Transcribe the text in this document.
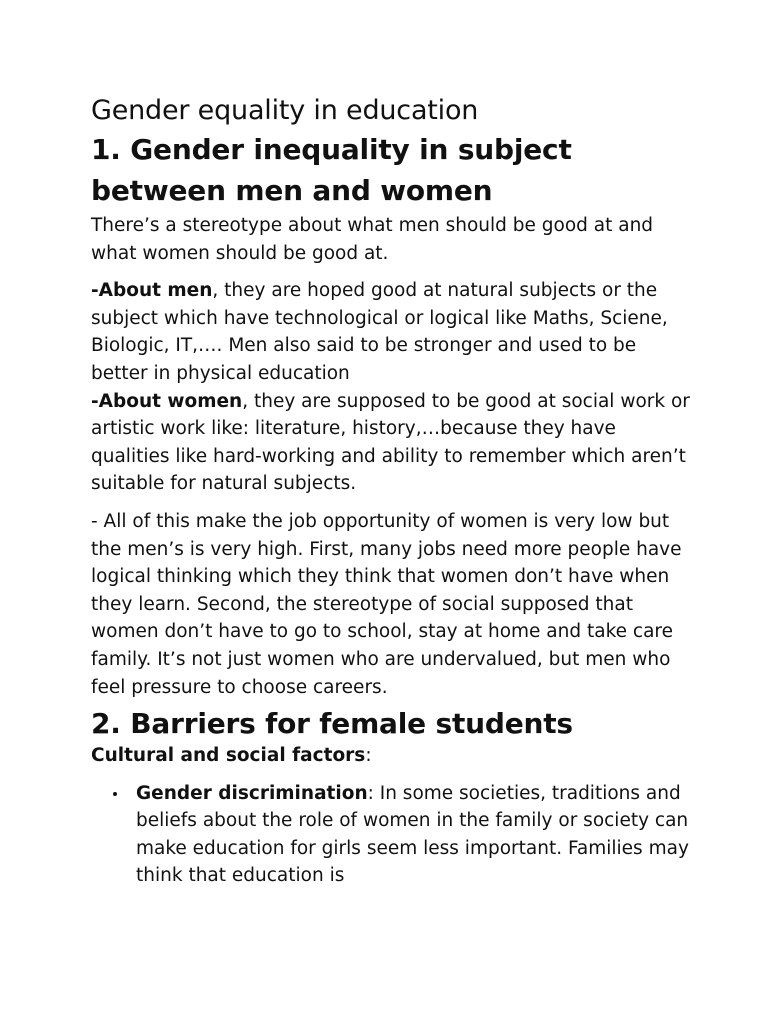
Gender equality in education
1. Gender inequality in subject between men and women

There’s a stereotype about what men should be good at and what women should be good at.

-About men, they are hoped good at natural subjects or the subject which have technological or logical like Maths, Sciene, Biologic, IT,…. Men also said to be stronger and used to be better in physical education

-About women, they are supposed to be good at social work or artistic work like: literature, history,…because they have qualities like hard-working and ability to remember which aren’t suitable for natural subjects.

- All of this make the job opportunity of women is very low but the men’s is very high. First, many jobs need more people have logical thinking which they think that women don’t have when they learn. Second, the stereotype of social supposed that women don’t have to go to school, stay at home and take care family. It’s not just women who are undervalued, but men who feel pressure to choose careers.

2. Barriers for female students
Cultural and social factors:
Gender discrimination: In some societies, traditions and beliefs about the role of women in the family or society can make education for girls seem less important. Families may think that education is
